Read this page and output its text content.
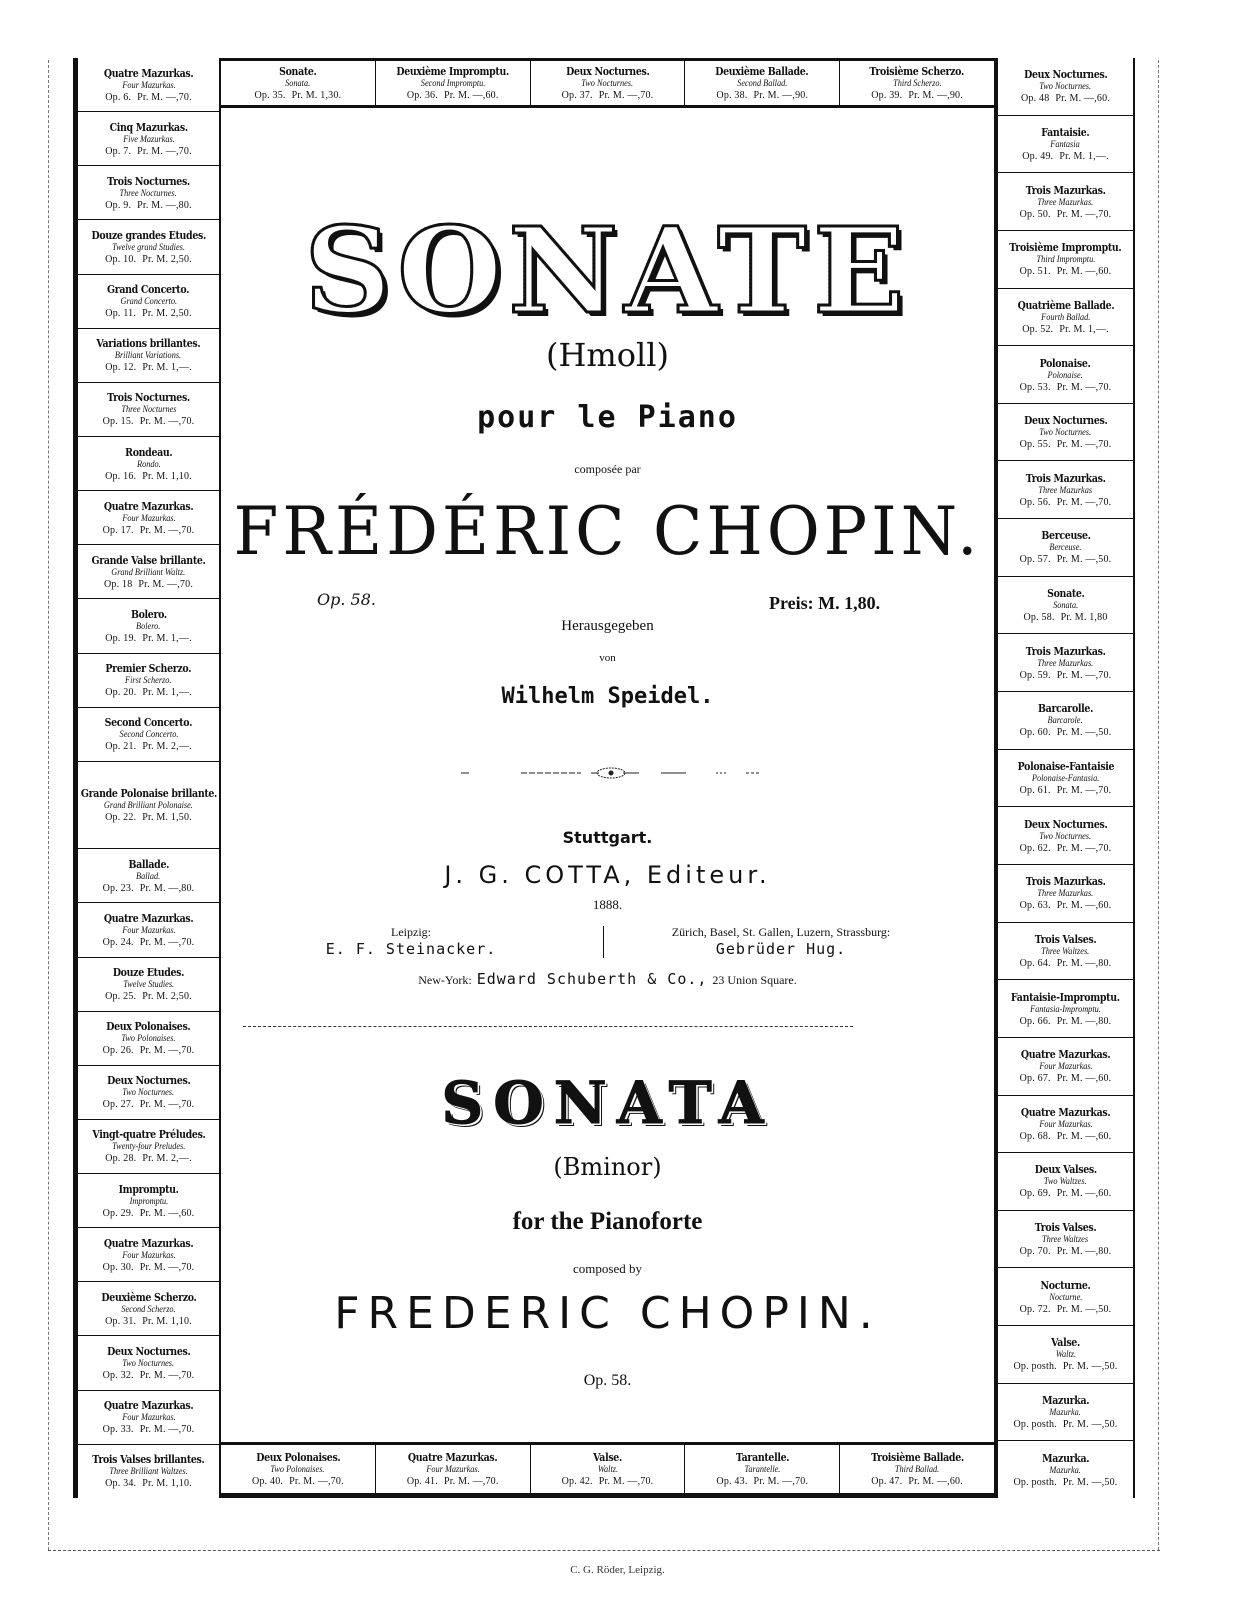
Quatre Mazurkas.
Four Mazurkas.
Op. 6. Pr. M. —,70.
Cinq Mazurkas.
Five Mazurkas.
Op. 7. Pr. M. —,70.
Trois Nocturnes.
Three Nocturnes.
Op. 9. Pr. M. —,80.
Douze grandes Etudes.
Twelve grand Studies.
Op. 10. Pr. M. 2,50.
Grand Concerto.
Grand Concerto.
Op. 11. Pr. M. 2,50.
Variations brillantes.
Brilliant Variations.
Op. 12. Pr. M. 1,—.
Trois Nocturnes.
Three Nocturnes
Op. 15. Pr. M. —,70.
Rondeau.
Rondo.
Op. 16. Pr. M. 1,10.
Quatre Mazurkas.
Four Mazurkas.
Op. 17. Pr. M. —,70.
Grande Valse brillante.
Grand Brilliant Waltz.
Op. 18 Pr. M. —,70.
Bolero.
Bolero.
Op. 19. Pr. M. 1,—.
Premier Scherzo.
First Scherzo.
Op. 20. Pr. M. 1,—.
Second Concerto.
Second Concerto.
Op. 21. Pr. M. 2,—.
Grande Polonaise brillante.
Grand Brilliant Polonaise.
Op. 22. Pr. M. 1,50.
Ballade.
Ballad.
Op. 23. Pr. M. —,80.
Quatre Mazurkas.
Four Mazurkas.
Op. 24. Pr. M. —,70.
Douze Etudes.
Twelve Studies.
Op. 25. Pr. M. 2,50.
Deux Polonaises.
Two Polonaises.
Op. 26. Pr. M. —,70.
Deux Nocturnes.
Two Nocturnes.
Op. 27. Pr. M. —,70.
Vingt-quatre Préludes.
Twenty-four Preludes.
Op. 28. Pr. M. 2,—.
Impromptu.
Impromptu.
Op. 29. Pr. M. —,60.
Quatre Mazurkas.
Four Mazurkas.
Op. 30. Pr. M. —,70.
Deuxième Scherzo.
Second Scherzo.
Op. 31. Pr. M. 1,10.
Deux Nocturnes.
Two Nocturnes.
Op. 32. Pr. M. —,70.
Quatre Mazurkas.
Four Mazurkas.
Op. 33. Pr. M. —,70.
Trois Valses brillantes.
Three Brilliant Waltzes.
Op. 34. Pr. M. 1,10.
Sonate.
Sonata.
Op. 35. Pr. M. 1,30.
Deuxième Impromptu.
Second Impromptu.
Op. 36. Pr. M. —,60.
Deux Nocturnes.
Two Nocturnes.
Op. 37. Pr. M. —,70.
Deuxième Ballade.
Second Ballad.
Op. 38. Pr. M. —,90.
Troisième Scherzo.
Third Scherzo.
Op. 39. Pr. M. —,90.
Deux Nocturnes.
Two Nocturnes.
Op. 48 Pr. M. —,60.
Fantaisie.
Fantasia
Op. 49. Pr. M. 1,—.
Trois Mazurkas.
Three Mazurkas.
Op. 50. Pr. M. —,70.
Troisième Impromptu.
Third Impromptu.
Op. 51. Pr. M. —,60.
Quatrième Ballade.
Fourth Ballad.
Op. 52. Pr. M. 1,—.
Polonaise.
Polonaise.
Op. 53. Pr. M. —,70.
Deux Nocturnes.
Two Nocturnes.
Op. 55. Pr. M. —,70.
Trois Mazurkas.
Three Mazurkas
Op. 56. Pr. M. —,70.
Berceuse.
Berceuse.
Op. 57. Pr. M. —,50.
Sonate.
Sonata.
Op. 58. Pr. M. 1,80
Trois Mazurkas.
Three Mazurkas.
Op. 59. Pr. M. —,70.
Barcarolle.
Barcarole.
Op. 60. Pr. M. —,50.
Polonaise-Fantaisie
Polonaise-Fantasia.
Op. 61. Pr. M. —,70.
Deux Nocturnes.
Two Nocturnes.
Op. 62. Pr. M. —,70.
Trois Mazurkas.
Three Mazurkas.
Op. 63. Pr. M. —,60.
Trois Valses.
Three Waltzes.
Op. 64. Pr. M. —,80.
Fantaisie-Impromptu.
Fantasia-Impromptu.
Op. 66. Pr. M. —,80.
Quatre Mazurkas.
Four Mazurkas.
Op. 67. Pr. M. —,60.
Quatre Mazurkas.
Four Mazurkas.
Op. 68. Pr. M. —,60.
Deux Valses.
Two Waltzes.
Op. 69. Pr. M. —,60.
Trois Valses.
Three Waltzes
Op. 70. Pr. M. —,80.
Nocturne.
Nocturne.
Op. 72. Pr. M. —,50.
Valse.
Waltz.
Op. posth. Pr. M. —,50.
Mazurka.
Mazurka.
Op. posth. Pr. M. —,50.
Mazurka.
Mazurka.
Op. posth. Pr. M. —,50.
Deux Polonaises.
Two Polonaises.
Op. 40. Pr. M. —,70.
Quatre Mazurkas.
Four Mazurkas.
Op. 41. Pr. M. —,70.
Valse.
Waltz.
Op. 42. Pr. M. —,70.
Tarantelle.
Tarantelle.
Op. 43. Pr. M. —,70.
Troisième Ballade.
Third Ballad.
Op. 47. Pr. M. —,60.
SONATE
(Hmoll)
pour le Piano
composée par
FRÉDÉRIC CHOPIN.
Op. 58.	Preis: M. 1,80.
Herausgegeben
von
Wilhelm Speidel.
Stuttgart.
J. G. COTTA, Editeur.
1888.
Leipzig:
E. F. Steinacker.
Zürich, Basel, St. Gallen, Luzern, Strassburg:
Gebrüder Hug.
New-York: Edward Schuberth & Co., 23 Union Square.
SONATA
(Bminor)
for the Pianoforte
composed by
FREDERIC CHOPIN.
Op. 58.
C. G. Röder, Leipzig.
